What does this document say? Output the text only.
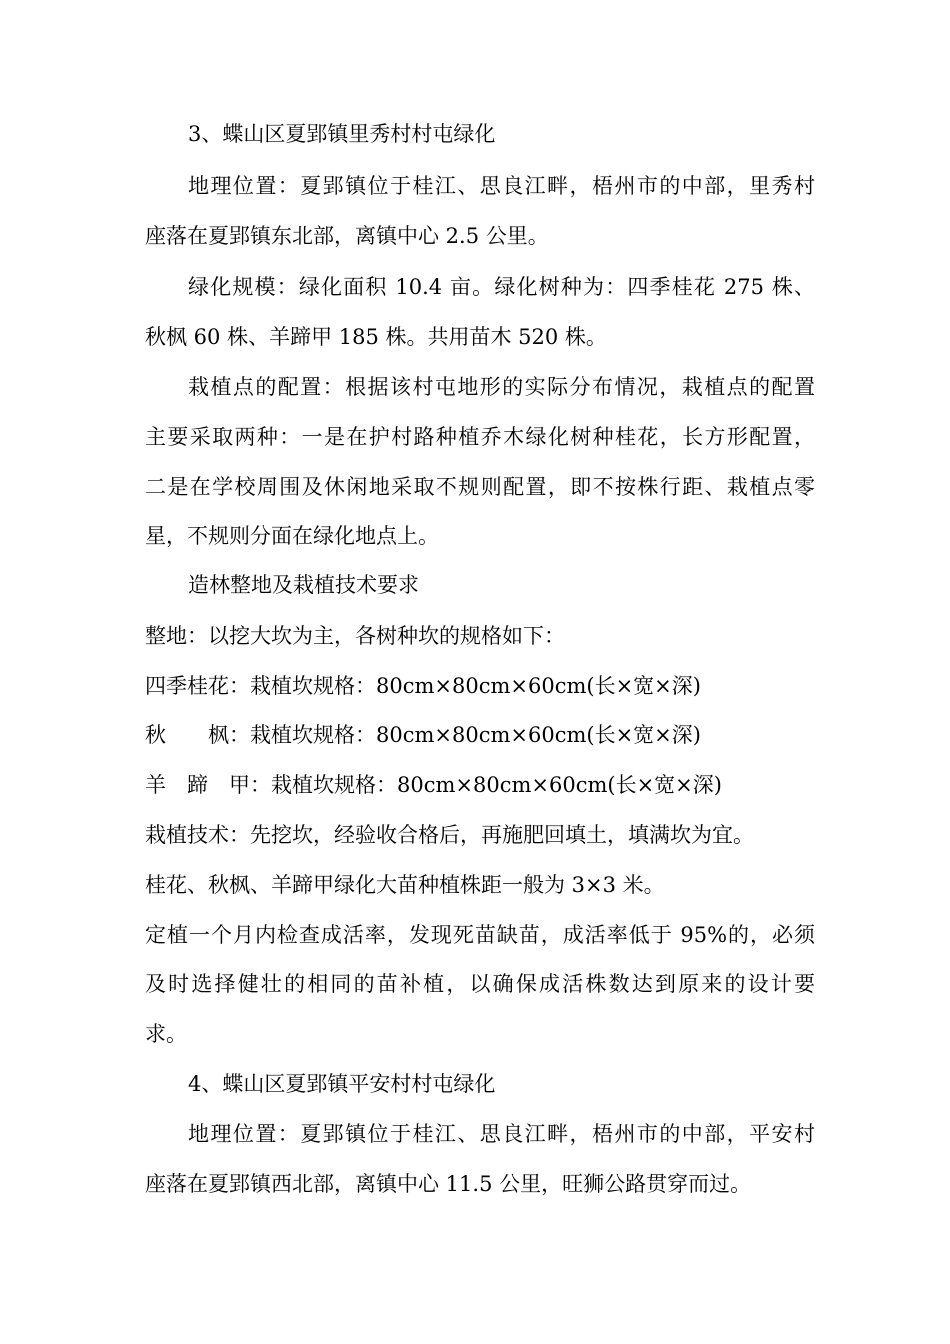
3、蝶山区夏郢镇里秀村村屯绿化
地理位置：夏郢镇位于桂江、思良江畔，梧州市的中部，里秀村
座落在夏郢镇东北部，离镇中心 2.5 公里。
绿化规模：绿化面积 10.4 亩。绿化树种为：四季桂花 275 株、
秋枫 60 株、羊蹄甲 185 株。共用苗木 520 株。
栽植点的配置：根据该村屯地形的实际分布情况，栽植点的配置
主要采取两种：一是在护村路种植乔木绿化树种桂花，长方形配置，
二是在学校周围及休闲地采取不规则配置，即不按株行距、栽植点零
星，不规则分面在绿化地点上。
造林整地及栽植技术要求
整地：以挖大坎为主，各树种坎的规格如下：
四季桂花：栽植坎规格：80cm×80cm×60cm(长×宽×深)
秋　　枫：栽植坎规格：80cm×80cm×60cm(长×宽×深)
羊　蹄　甲：栽植坎规格：80cm×80cm×60cm(长×宽×深)
栽植技术：先挖坎，经验收合格后，再施肥回填土，填满坎为宜。
桂花、秋枫、羊蹄甲绿化大苗种植株距一般为 3×3 米。
定植一个月内检查成活率，发现死苗缺苗，成活率低于 95%的，必须
及时选择健壮的相同的苗补植，以确保成活株数达到原来的设计要
求。
4、蝶山区夏郢镇平安村村屯绿化
地理位置：夏郢镇位于桂江、思良江畔，梧州市的中部，平安村
座落在夏郢镇西北部，离镇中心 11.5 公里，旺狮公路贯穿而过。
